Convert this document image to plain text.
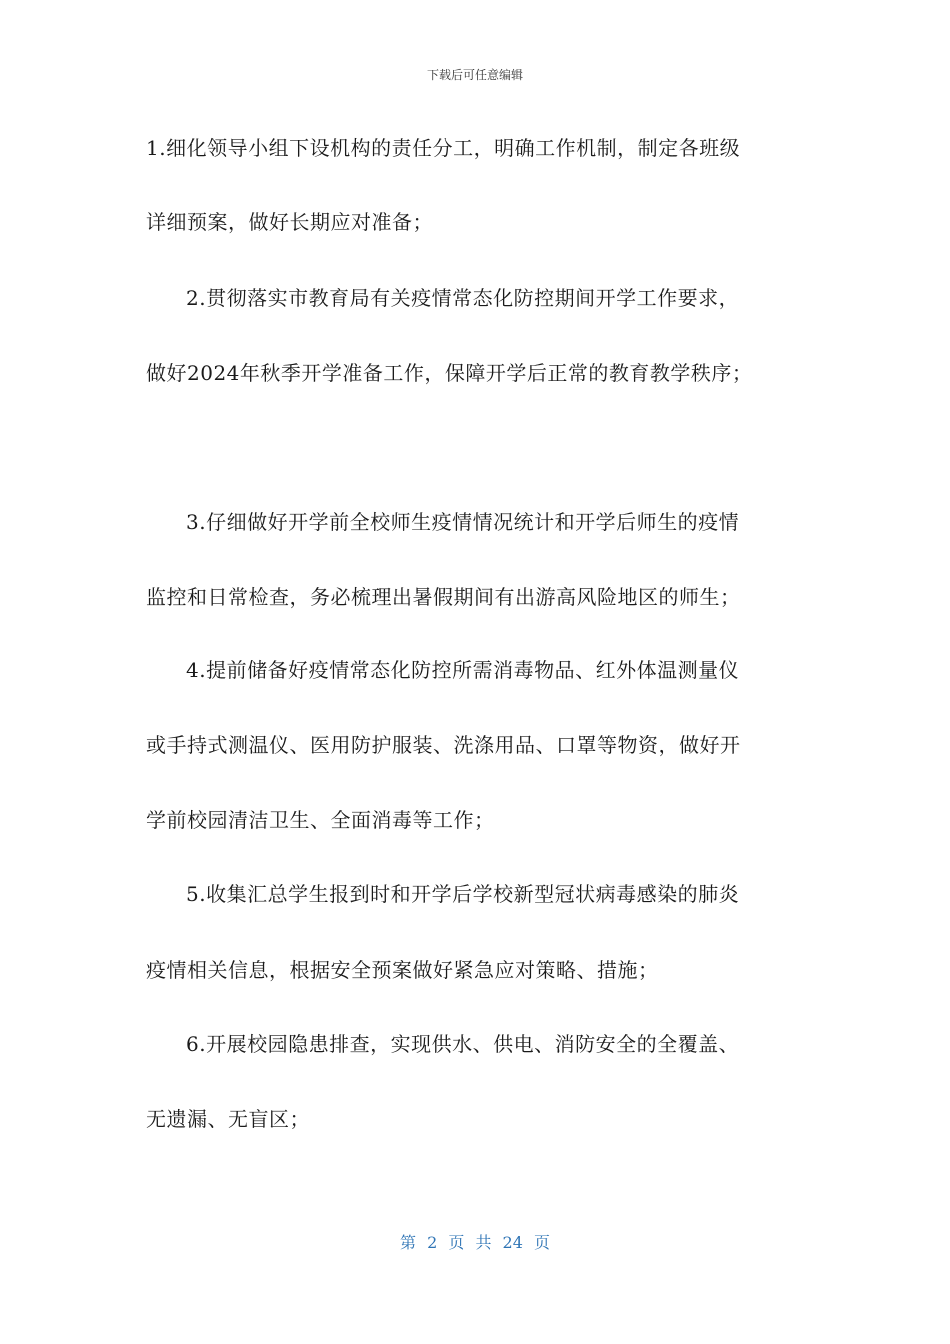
下载后可任意编辑
1.细化领导小组下设机构的责任分工，明确工作机制，制定各班级
详细预案，做好长期应对准备；
2.贯彻落实市教育局有关疫情常态化防控期间开学工作要求，
做好2024年秋季开学准备工作，保障开学后正常的教育教学秩序；
3.仔细做好开学前全校师生疫情情况统计和开学后师生的疫情
监控和日常检查，务必梳理出暑假期间有出游高风险地区的师生；
4.提前储备好疫情常态化防控所需消毒物品、红外体温测量仪
或手持式测温仪、医用防护服装、洗涤用品、口罩等物资，做好开
学前校园清洁卫生、全面消毒等工作；
5.收集汇总学生报到时和开学后学校新型冠状病毒感染的肺炎
疫情相关信息，根据安全预案做好紧急应对策略、措施；
6.开展校园隐患排查，实现供水、供电、消防安全的全覆盖、
无遗漏、无盲区；
第 2 页 共 24 页
